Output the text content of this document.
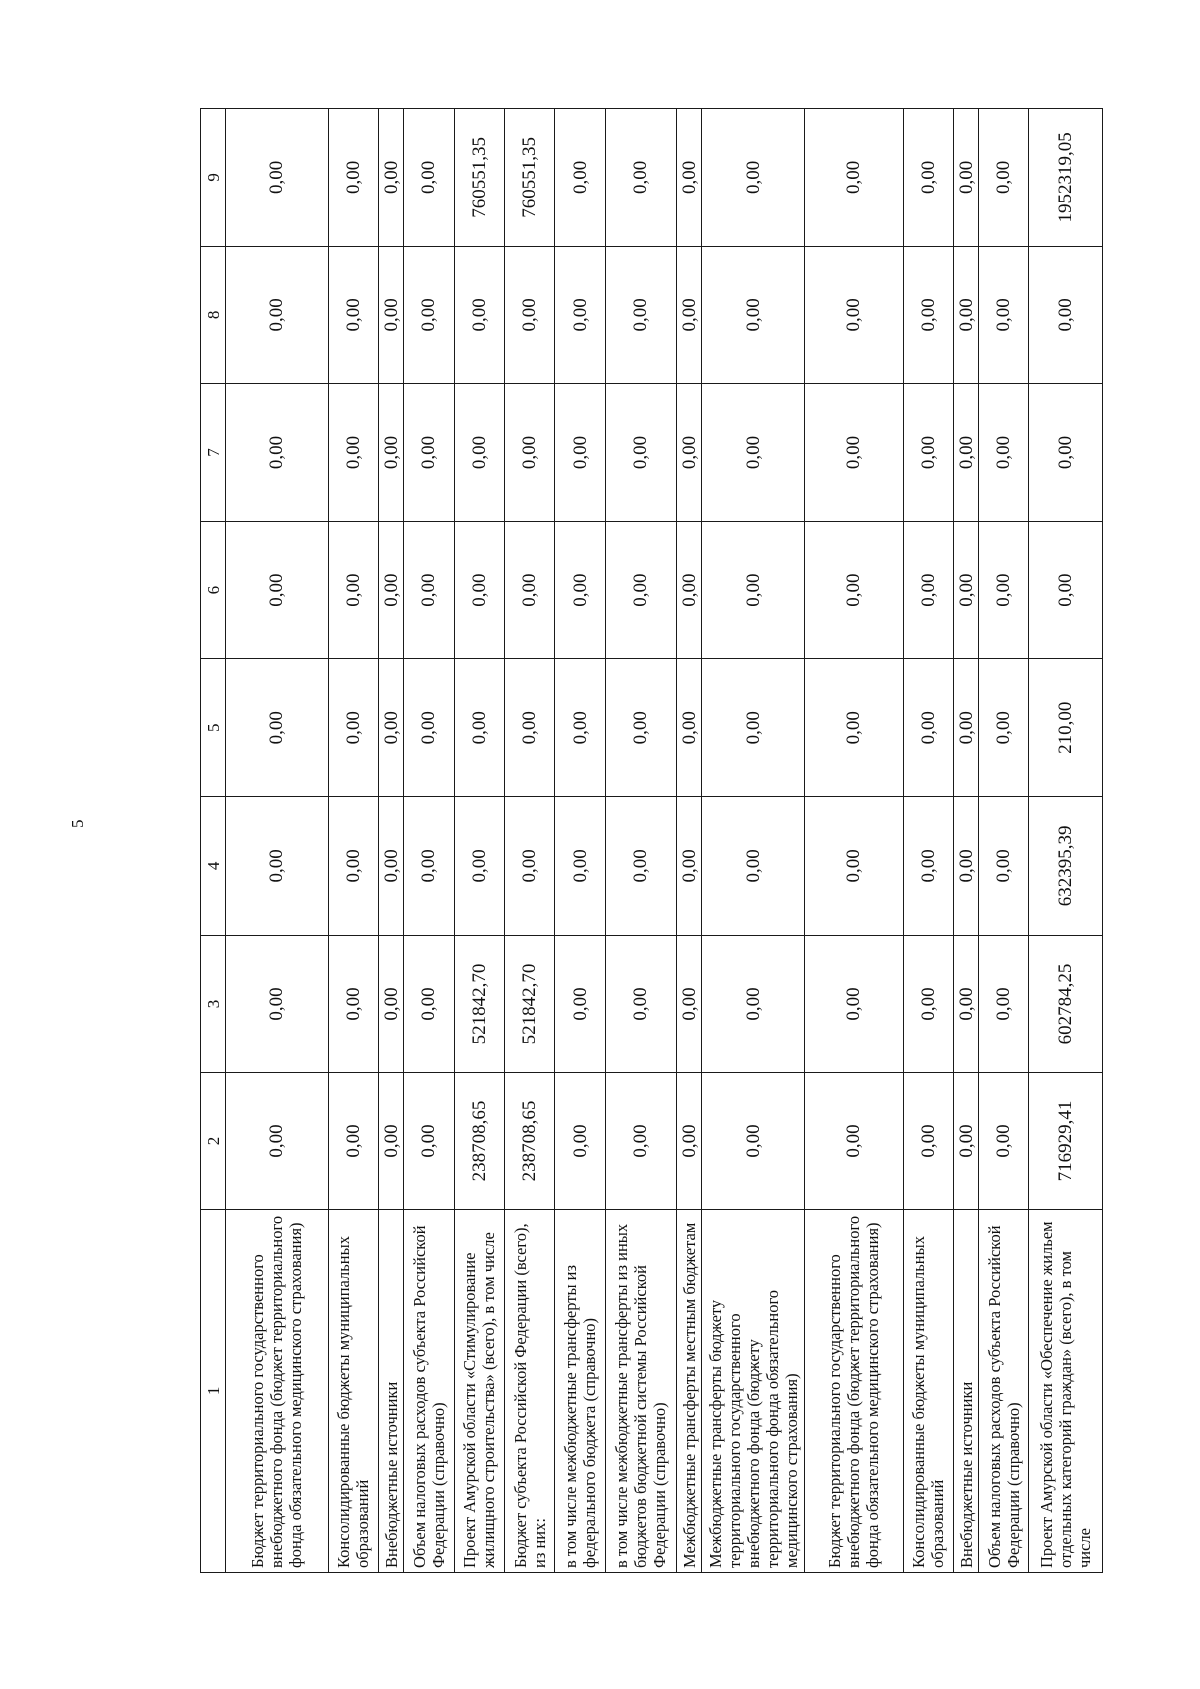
5
1	2	3	4	5	6	7	8	9
Бюджет территориального государственного внебюджетного фонда (бюджет территориального фонда обязательного медицинского страхования)	0,00	0,00	0,00	0,00	0,00	0,00	0,00	0,00
Консолидированные бюджеты муниципальных образований	0,00	0,00	0,00	0,00	0,00	0,00	0,00	0,00
Внебюджетные источники	0,00	0,00	0,00	0,00	0,00	0,00	0,00	0,00
Объем налоговых расходов субъекта Российской Федерации (справочно)	0,00	0,00	0,00	0,00	0,00	0,00	0,00	0,00
Проект Амурской области «Стимулирование жилищного строительства» (всего), в том числе	238708,65	521842,70	0,00	0,00	0,00	0,00	0,00	760551,35
Бюджет субъекта Российской Федерации (всего), из них:	238708,65	521842,70	0,00	0,00	0,00	0,00	0,00	760551,35
в том числе межбюджетные трансферты из федерального бюджета (справочно)	0,00	0,00	0,00	0,00	0,00	0,00	0,00	0,00
в том числе межбюджетные трансферты из иных бюджетов бюджетной системы Российской Федерации (справочно)	0,00	0,00	0,00	0,00	0,00	0,00	0,00	0,00
Межбюджетные трансферты местным бюджетам	0,00	0,00	0,00	0,00	0,00	0,00	0,00	0,00
Межбюджетные трансферты бюджету территориального государственного внебюджетного фонда (бюджету территориального фонда обязательного медицинского страхования)	0,00	0,00	0,00	0,00	0,00	0,00	0,00	0,00
Бюджет территориального государственного внебюджетного фонда (бюджет территориального фонда обязательного медицинского страхования)	0,00	0,00	0,00	0,00	0,00	0,00	0,00	0,00
Консолидированные бюджеты муниципальных образований	0,00	0,00	0,00	0,00	0,00	0,00	0,00	0,00
Внебюджетные источники	0,00	0,00	0,00	0,00	0,00	0,00	0,00	0,00
Объем налоговых расходов субъекта Российской Федерации (справочно)	0,00	0,00	0,00	0,00	0,00	0,00	0,00	0,00
Проект Амурской области «Обеспечение жильем отдельных категорий граждан» (всего), в том числе	716929,41	602784,25	632395,39	210,00	0,00	0,00	0,00	1952319,05
